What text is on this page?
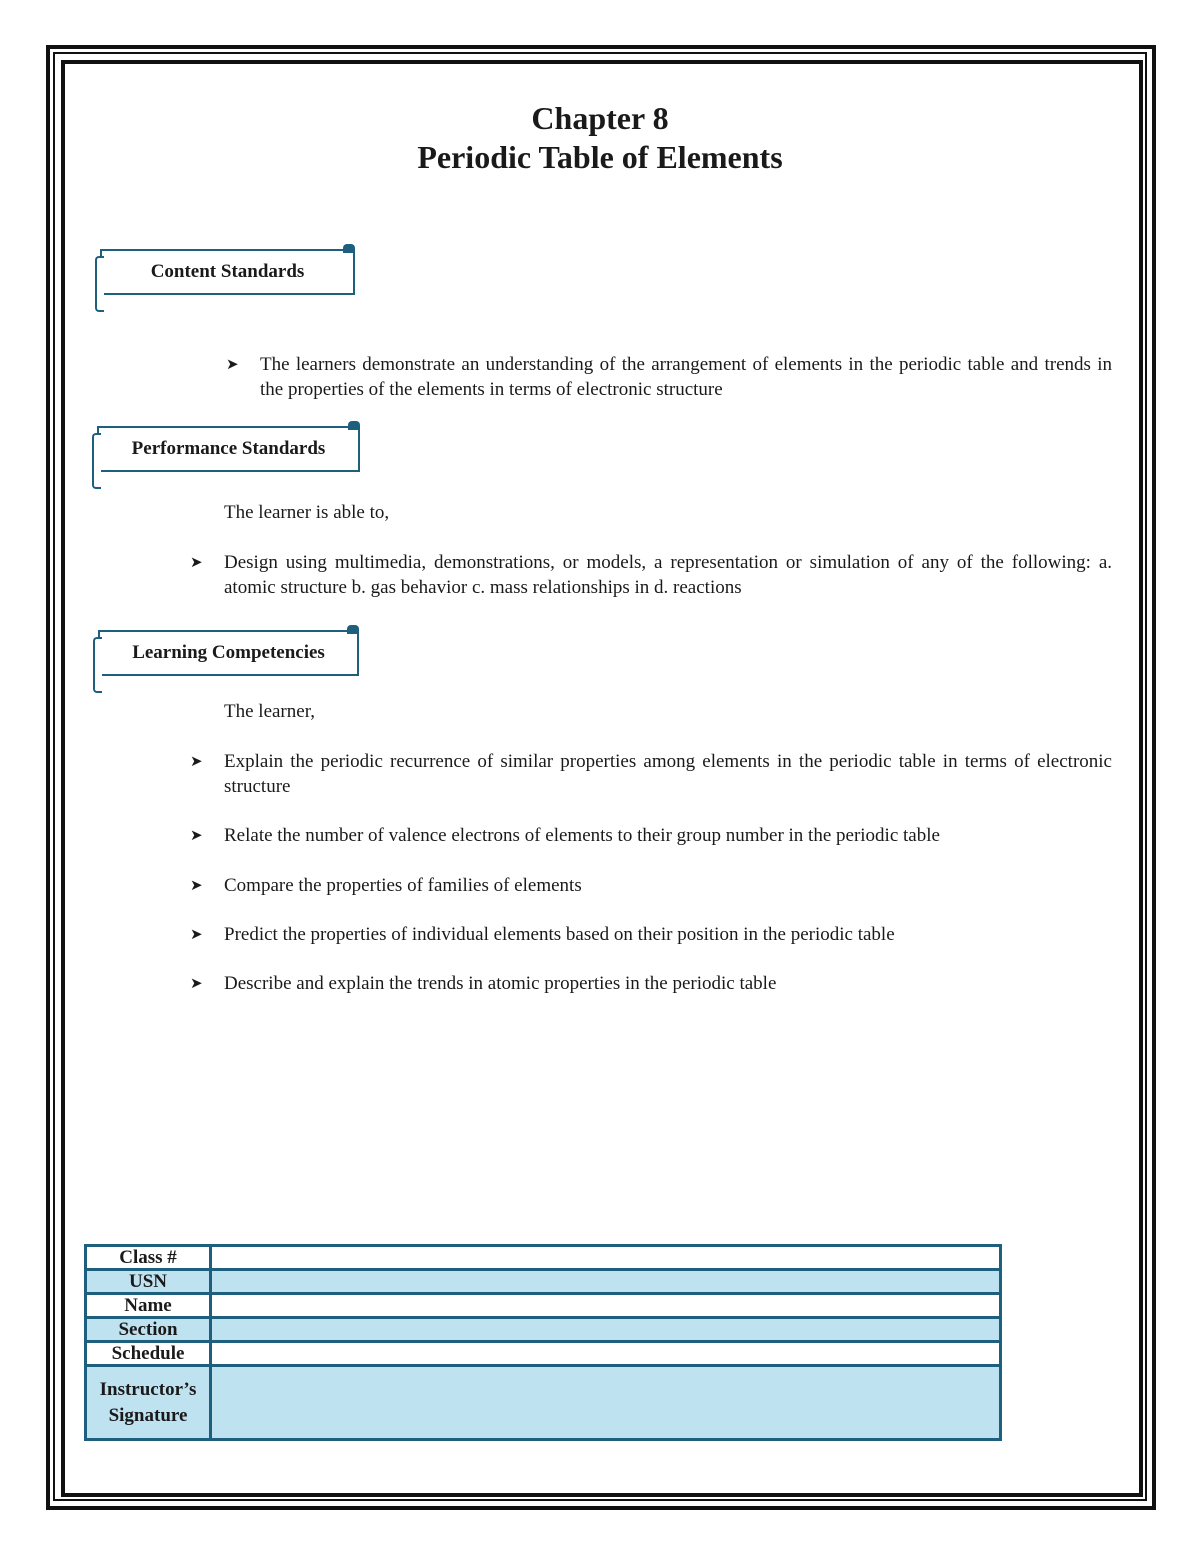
Chapter 8
Periodic Table of Elements
Content Standards
➤	The learners demonstrate an understanding of the arrangement of elements in the periodic table and trends in the properties of the elements in terms of electronic structure
Performance Standards

The learner is able to,

➤	Design using multimedia, demonstrations, or models, a representation or simulation of any of the following: a. atomic structure b. gas behavior c. mass relationships in d. reactions
Learning Competencies

The learner,

➤	Explain the periodic recurrence of similar properties among elements in the periodic table in terms of electronic structure
➤	Relate the number of valence electrons of elements to their group number in the periodic table
➤	Compare the properties of families of elements
➤	Predict the properties of individual elements based on their position in the periodic table
➤	Describe and explain the trends in atomic properties in the periodic table
Class #	
USN	
Name	
Section	
Schedule	
Instructor’s Signature	
